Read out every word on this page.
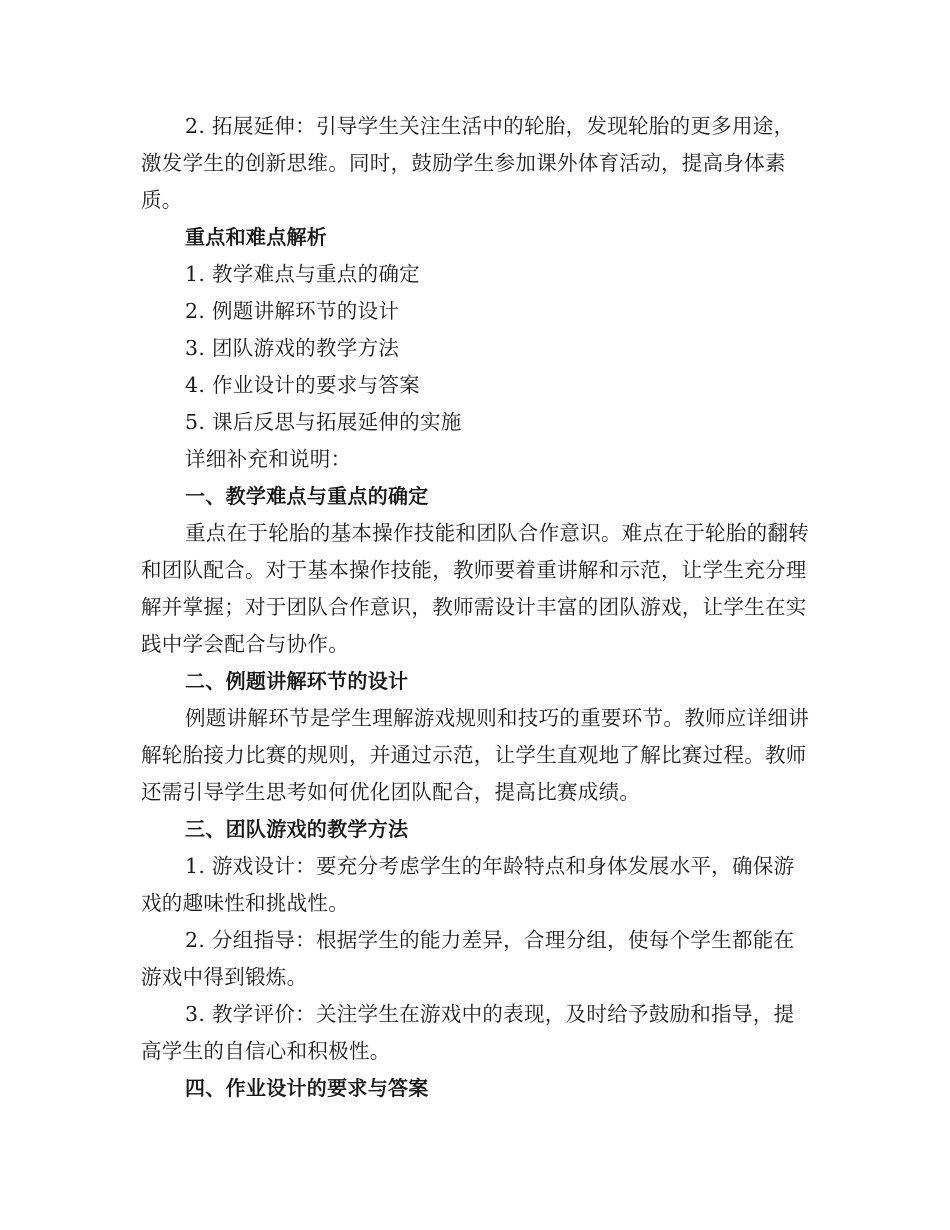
2. 拓展延伸：引导学生关注生活中的轮胎，发现轮胎的更多用途，激发学生的创新思维。同时，鼓励学生参加课外体育活动，提高身体素质。

重点和难点解析

1. 教学难点与重点的确定

2. 例题讲解环节的设计

3. 团队游戏的教学方法

4. 作业设计的要求与答案

5. 课后反思与拓展延伸的实施

详细补充和说明：

一、教学难点与重点的确定

重点在于轮胎的基本操作技能和团队合作意识。难点在于轮胎的翻转和团队配合。对于基本操作技能，教师要着重讲解和示范，让学生充分理解并掌握；对于团队合作意识，教师需设计丰富的团队游戏，让学生在实践中学会配合与协作。

二、例题讲解环节的设计

例题讲解环节是学生理解游戏规则和技巧的重要环节。教师应详细讲解轮胎接力比赛的规则，并通过示范，让学生直观地了解比赛过程。教师还需引导学生思考如何优化团队配合，提高比赛成绩。

三、团队游戏的教学方法

1. 游戏设计：要充分考虑学生的年龄特点和身体发展水平，确保游戏的趣味性和挑战性。

2. 分组指导：根据学生的能力差异，合理分组，使每个学生都能在游戏中得到锻炼。

3. 教学评价：关注学生在游戏中的表现，及时给予鼓励和指导，提高学生的自信心和积极性。

四、作业设计的要求与答案
